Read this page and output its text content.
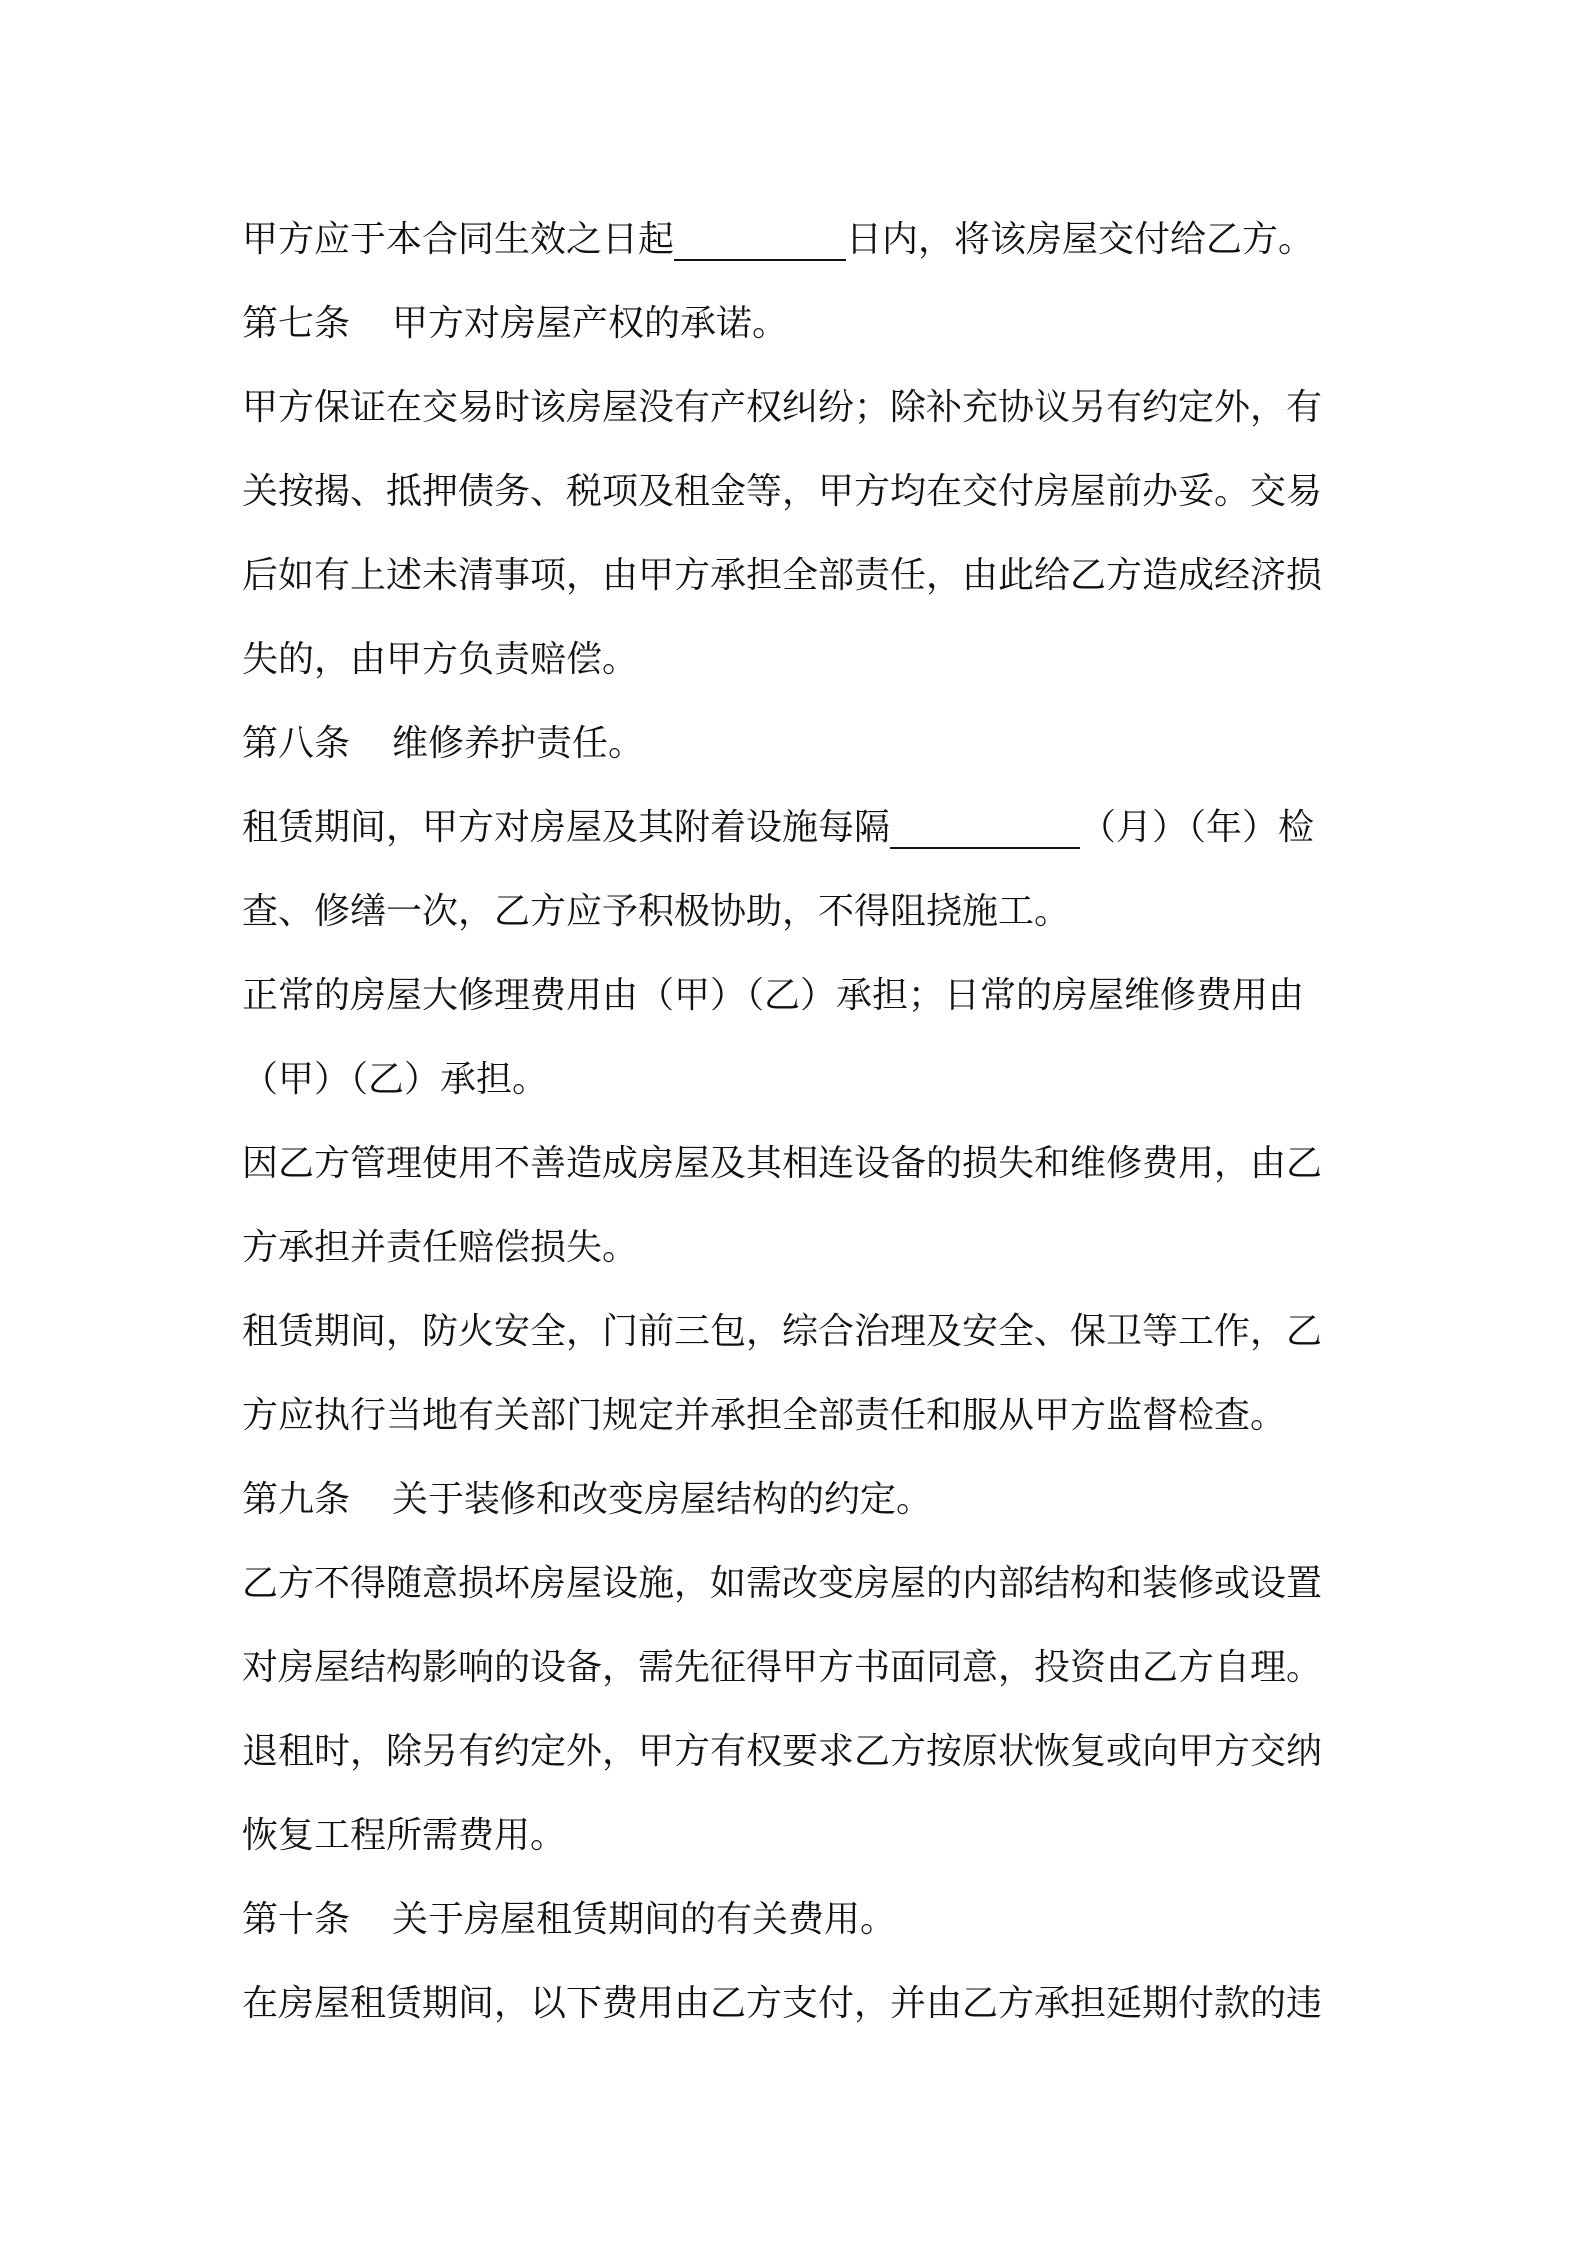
甲方应于本合同生效之日起	日内，将该房屋交付给乙方。
第七条 甲方对房屋产权的承诺。
甲方保证在交易时该房屋没有产权纠纷；除补充协议另有约定外，有
关按揭、抵押债务、税项及租金等，甲方均在交付房屋前办妥。交易
后如有上述未清事项，由甲方承担全部责任，由此给乙方造成经济损
失的，由甲方负责赔偿。
第八条 维修养护责任。
租赁期间，甲方对房屋及其附着设施每隔	（月）（年）检
查、修缮一次，乙方应予积极协助，不得阻挠施工。
正常的房屋大修理费用由（甲）（乙）承担；日常的房屋维修费用由
（甲）（乙）承担。
因乙方管理使用不善造成房屋及其相连设备的损失和维修费用，由乙
方承担并责任赔偿损失。
租赁期间，防火安全，门前三包，综合治理及安全、保卫等工作，乙
方应执行当地有关部门规定并承担全部责任和服从甲方监督检查。
第九条 关于装修和改变房屋结构的约定。
乙方不得随意损坏房屋设施，如需改变房屋的内部结构和装修或设置
对房屋结构影响的设备，需先征得甲方书面同意，投资由乙方自理。
退租时，除另有约定外，甲方有权要求乙方按原状恢复或向甲方交纳
恢复工程所需费用。
第十条 关于房屋租赁期间的有关费用。
在房屋租赁期间，以下费用由乙方支付，并由乙方承担延期付款的违
